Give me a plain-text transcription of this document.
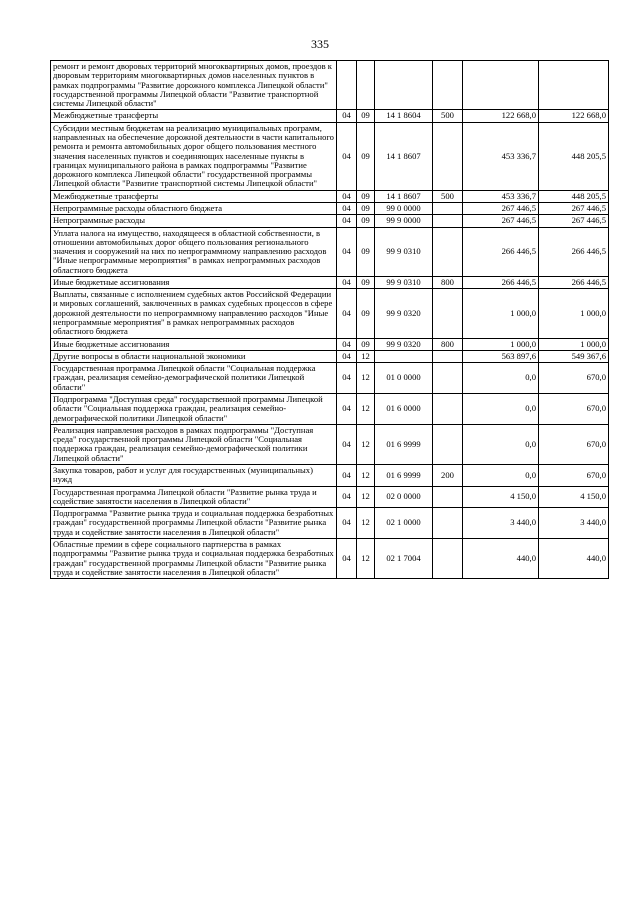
335
ремонт и ремонт дворовых территорий многоквартирных домов, проездов к дворовым территориям многоквартирных домов населенных пунктов в рамках подпрограммы "Развитие дорожного комплекса Липецкой области" государственной программы Липецкой области "Развитие транспортной системы Липецкой области"						
Межбюджетные трансферты	04	09	14 1 8604	500	122 668,0	122 668,0
Субсидии местным бюджетам на реализацию муниципальных программ, направленных на обеспечение дорожной деятельности в части капитального ремонта и ремонта автомобильных дорог общего пользования местного значения населенных пунктов и соединяющих населенные пункты в границах муниципального района в рамках подпрограммы "Развитие дорожного комплекса Липецкой области" государственной программы Липецкой области "Развитие транспортной системы Липецкой области"	04	09	14 1 8607		453 336,7	448 205,5
Межбюджетные трансферты	04	09	14 1 8607	500	453 336,7	448 205,5
Непрограммные расходы областного бюджета	04	09	99 0 0000		267 446,5	267 446,5
Непрограммные расходы	04	09	99 9 0000		267 446,5	267 446,5
Уплата налога на имущество, находящееся в областной собственности, в отношении автомобильных дорог общего пользования регионального значения и сооружений на них по непрограммному направлению расходов "Иные непрограммные мероприятия" в рамках непрограммных расходов областного бюджета	04	09	99 9 0310		266 446,5	266 446,5
Иные бюджетные ассигнования	04	09	99 9 0310	800	266 446,5	266 446,5
Выплаты, связанные с исполнением судебных актов Российской Федерации и мировых соглашений, заключенных в рамках судебных процессов в сфере дорожной деятельности по непрограммному направлению расходов "Иные непрограммные мероприятия" в рамках непрограммных расходов областного бюджета	04	09	99 9 0320		1 000,0	1 000,0
Иные бюджетные ассигнования	04	09	99 9 0320	800	1 000,0	1 000,0
Другие вопросы в области национальной экономики	04	12			563 897,6	549 367,6
Государственная программа Липецкой области "Социальная поддержка граждан, реализация семейно-демографической политики Липецкой области"	04	12	01 0 0000		0,0	670,0
Подпрограмма "Доступная среда" государственной программы Липецкой области "Социальная поддержка граждан, реализация семейно-демографической политики Липецкой области"	04	12	01 6 0000		0,0	670,0
Реализация направления расходов в рамках подпрограммы "Доступная среда" государственной программы Липецкой области "Социальная поддержка граждан, реализация семейно-демографической политики Липецкой области"	04	12	01 6 9999		0,0	670,0
Закупка товаров, работ и услуг для государственных (муниципальных) нужд	04	12	01 6 9999	200	0,0	670,0
Государственная программа Липецкой области "Развитие рынка труда и содействие занятости населения в Липецкой области"	04	12	02 0 0000		4 150,0	4 150,0
Подпрограмма "Развитие рынка труда и социальная поддержка безработных граждан" государственной программы Липецкой области "Развитие рынка труда и содействие занятости населения в Липецкой области"	04	12	02 1 0000		3 440,0	3 440,0
Областные премии в сфере социального партнерства в рамках подпрограммы "Развитие рынка труда и социальная поддержка безработных граждан" государственной программы Липецкой области "Развитие рынка труда и содействие занятости населения в Липецкой области"	04	12	02 1 7004		440,0	440,0
